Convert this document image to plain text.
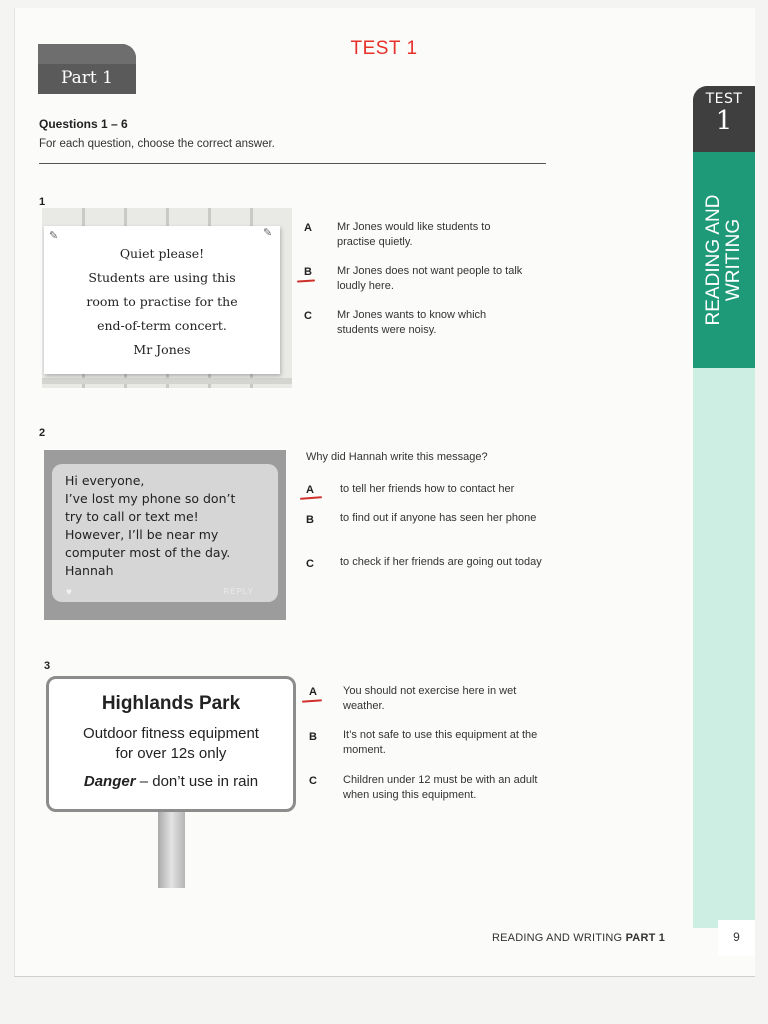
TEST 1
Part 1
Questions 1 – 6
For each question, choose the correct answer.
TEST
1
READING AND WRITING
9
1
Quiet please!
Students are using this
room to practise for the
end-of-term concert.
Mr Jones
✎	✎	A Mr Jones would like students to practise quietly.
B Mr Jones does not want people to talk loudly here.
C Mr Jones wants to know which students were noisy.
2
Hi everyone,
I’ve lost my phone so don’t
try to call or text me!
However, I’ll be near my
computer most of the day.
Hannah
♥	REPLY
Why did Hannah write this message?
A to tell her friends how to contact her
B to find out if anyone has seen her phone
C to check if her friends are going out today
3
Highlands Park
Outdoor fitness equipment
for over 12s only
Danger – don’t use in rain
A You should not exercise here in wet weather.
B It’s not safe to use this equipment at the moment.
C Children under 12 must be with an adult when using this equipment.
READING AND WRITING PART 1
